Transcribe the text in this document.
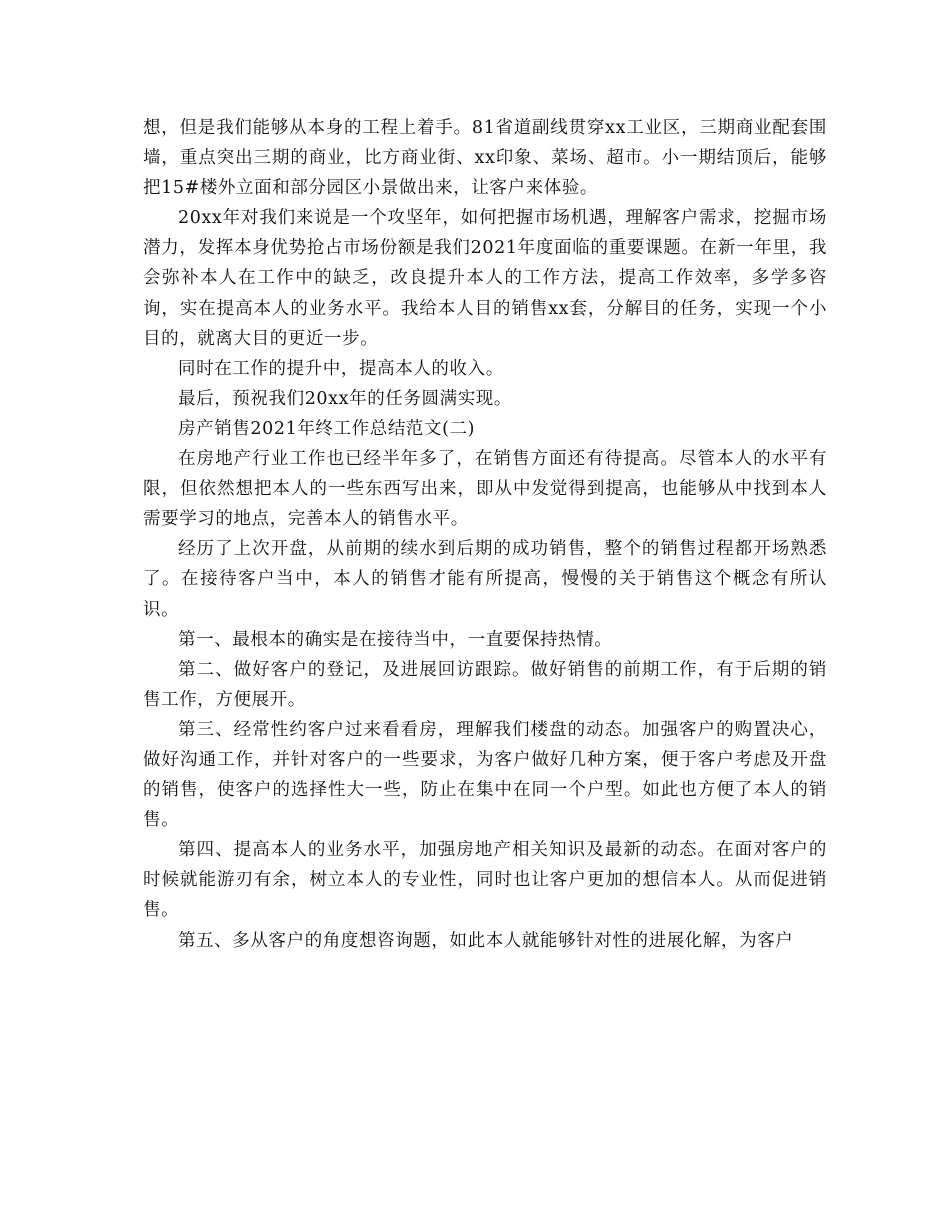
想，但是我们能够从本身的工程上着手。81省道副线贯穿xx工业区，三期商业配套围墙，重点突出三期的商业，比方商业街、xx印象、菜场、超市。小一期结顶后，能够把15#楼外立面和部分园区小景做出来，让客户来体验。

20xx年对我们来说是一个攻坚年，如何把握市场机遇，理解客户需求，挖掘市场潜力，发挥本身优势抢占市场份额是我们2021年度面临的重要课题。在新一年里，我会弥补本人在工作中的缺乏，改良提升本人的工作方法，提高工作效率，多学多咨询，实在提高本人的业务水平。我给本人目的销售xx套，分解目的任务，实现一个小目的，就离大目的更近一步。

同时在工作的提升中，提高本人的收入。

最后，预祝我们20xx年的任务圆满实现。

房产销售2021年终工作总结范文(二)

在房地产行业工作也已经半年多了，在销售方面还有待提高。尽管本人的水平有限，但依然想把本人的一些东西写出来，即从中发觉得到提高，也能够从中找到本人需要学习的地点，完善本人的销售水平。

经历了上次开盘，从前期的续水到后期的成功销售，整个的销售过程都开场熟悉了。在接待客户当中，本人的销售才能有所提高，慢慢的关于销售这个概念有所认识。

第一、最根本的确实是在接待当中，一直要保持热情。

第二、做好客户的登记，及进展回访跟踪。做好销售的前期工作，有于后期的销售工作，方便展开。

第三、经常性约客户过来看看房，理解我们楼盘的动态。加强客户的购置决心，做好沟通工作，并针对客户的一些要求，为客户做好几种方案，便于客户考虑及开盘的销售，使客户的选择性大一些，防止在集中在同一个户型。如此也方便了本人的销售。

第四、提高本人的业务水平，加强房地产相关知识及最新的动态。在面对客户的时候就能游刃有余，树立本人的专业性，同时也让客户更加的想信本人。从而促进销售。

第五、多从客户的角度想咨询题，如此本人就能够针对性的进展化解，为客户
